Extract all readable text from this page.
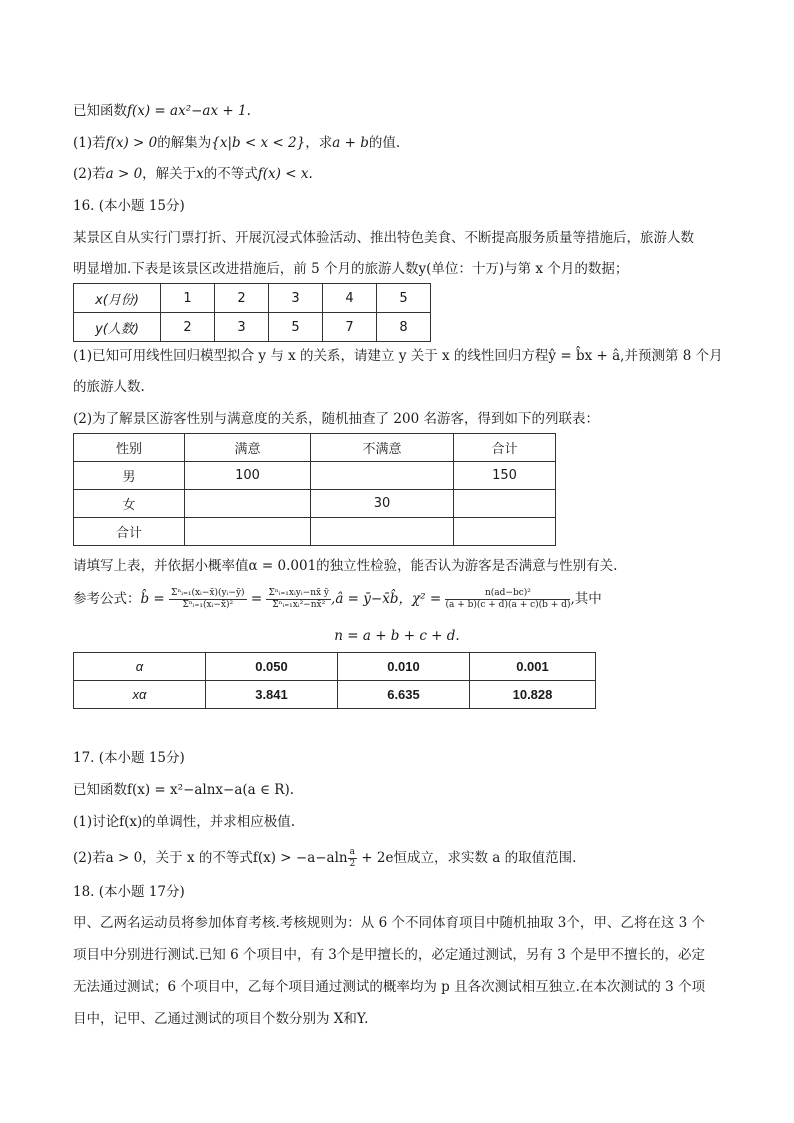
已知函数f(x) = ax²−ax + 1.
(1)若f(x) > 0的解集为{x|b < x < 2}，求a + b的值.
(2)若a > 0，解关于x的不等式f(x) < x.
16. (本小题 15分)
某景区自从实行门票打折、开展沉浸式体验活动、推出特色美食、不断提高服务质量等措施后，旅游人数
明显增加.下表是该景区改进措施后，前 5 个月的旅游人数y(单位：十万)与第 x 个月的数据；
x(月份)	1	2	3	4	5
y(人数)	2	3	5	7	8
(1)已知可用线性回归模型拟合 y 与 x 的关系，请建立 y 关于 x 的线性回归方程ŷ = b̂x + â,并预测第 8 个月
的旅游人数.
(2)为了解景区游客性别与满意度的关系，随机抽查了 200 名游客，得到如下的列联表：
性别	满意	不满意	合计
男	100		150
女		30	
合计			
请填写上表，并依据小概率值α = 0.001的独立性检验，能否认为游客是否满意与性别有关.
参考公式：b̂ = $\frac{\text{Σⁿᵢ₌₁(xᵢ−x̄)(yᵢ−ȳ)}}{\text{Σⁿᵢ₌₁(xᵢ−x̄)²}} = \frac{\text{Σⁿᵢ₌₁xᵢyᵢ−nx̄ ȳ}}{\text{Σⁿᵢ₌₁xᵢ²−nx̄²}}$ ,â = ȳ−x̄b̂，$\chi^2 = \frac{\text{n(ad−bc)²}}{(a + b)(c + d)(a + c)(b + d)}$ ,其中
n = a + b + c + d.
α	0.050	0.010	0.001
xα	3.841	6.635	10.828
17. (本小题 15分)
已知函数f(x) = x²−alnx−a(a ∈ R).
(1)讨论f(x)的单调性，并求相应极值.
(2)若a > 0，关于 x 的不等式$f(x) > -a-aln \frac{a}{2} + 2e$恒成立，求实数 a 的取值范围.
18. (本小题 17分)
甲、乙两名运动员将参加体育考核.考核规则为：从 6 个不同体育项目中随机抽取 3个，甲、乙将在这 3 个
项目中分别进行测试.已知 6 个项目中，有 3个是甲擅长的，必定通过测试，另有 3 个是甲不擅长的，必定
无法通过测试；6 个项目中，乙每个项目通过测试的概率均为 p 且各次测试相互独立.在本次测试的 3 个项
目中，记甲、乙通过测试的项目个数分别为 X和Y.
